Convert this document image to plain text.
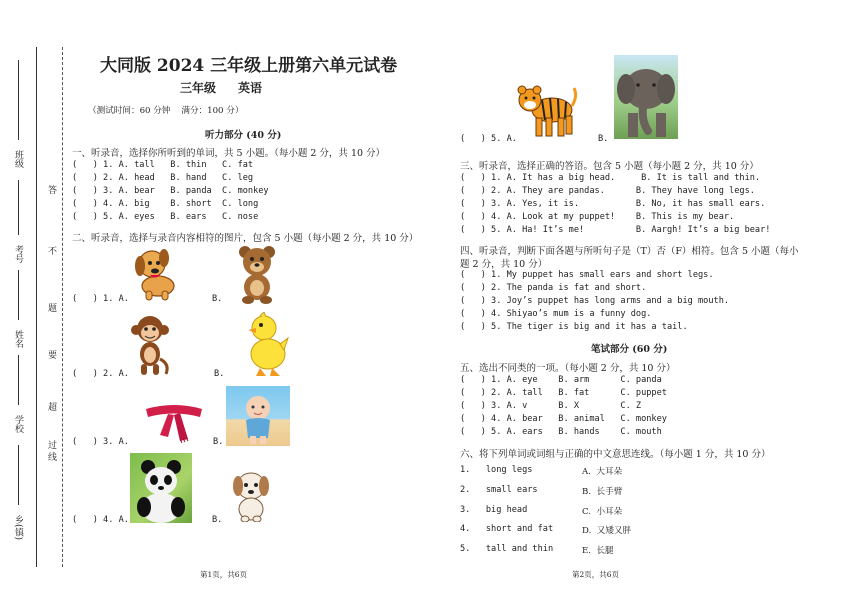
班级
考号
姓名
学校
乡(镇)
答
题
不
要
超
过
线
大同版 2024 三年级上册第六单元试卷
三年级 英语
（测试时间：60 分钟    满分：100 分）
听力部分 (40 分)
一、听录音，选择你所听到的单词，共 5 小题。（每小题 2 分，共 10 分）
(   ) 1. A. tall   B. thin   C. fat
(   ) 2. A. head   B. hand   C. leg
(   ) 3. A. bear   B. panda  C. monkey
(   ) 4. A. big    B. short  C. long
(   ) 5. A. eyes   B. ears   C. nose
二、听录音，选择与录音内容相符的图片，包含 5 小题（每小题 2 分，共 10 分）
(   ) 1. A.	B.
(   ) 2. A.	B.
(   ) 3. A.	B.
(   ) 4. A.	B.
第1页，共6页
(   ) 5. A.	B.
三、听录音，选择正确的答语。包含 5 小题（每小题 2 分，共 10 分）
(   ) 1. A. It has a big head.     B. It is tall and thin.
(   ) 2. A. They are pandas.      B. They have long legs.
(   ) 3. A. Yes, it is.           B. No, it has small ears.
(   ) 4. A. Look at my puppet!    B. This is my bear.
(   ) 5. A. Ha! It’s me!          B. Aargh! It’s a big bear!
四、听录音，判断下面各题与所听句子是（T）否（F）相符。包含 5 小题（每小
题 2 分，共 10 分）
(   ) 1. My puppet has small ears and short legs.
(   ) 2. The panda is fat and short.
(   ) 3. Joy’s puppet has long arms and a big mouth.
(   ) 4. Shiyao’s mum is a funny dog.
(   ) 5. The tiger is big and it has a tail.
笔试部分 (60 分)
五、选出不同类的一项。（每小题 2 分，共 10 分）
(   ) 1. A. eye    B. arm      C. panda
(   ) 2. A. tall   B. fat      C. puppet
(   ) 3. A. v      B. X        C. Z
(   ) 4. A. bear   B. animal   C. monkey
(   ) 5. A. ears   B. hands    C. mouth
六、将下列单词或词组与正确的中文意思连线。（每小题 1 分，共 10 分）
1.   long legs
2.   small ears
3.   big head
4.   short and fat
5.   tall and thin
A.  大耳朵
B.  长手臂
C.  小耳朵
D.  又矮又胖
E.  长腿
第2页，共6页
